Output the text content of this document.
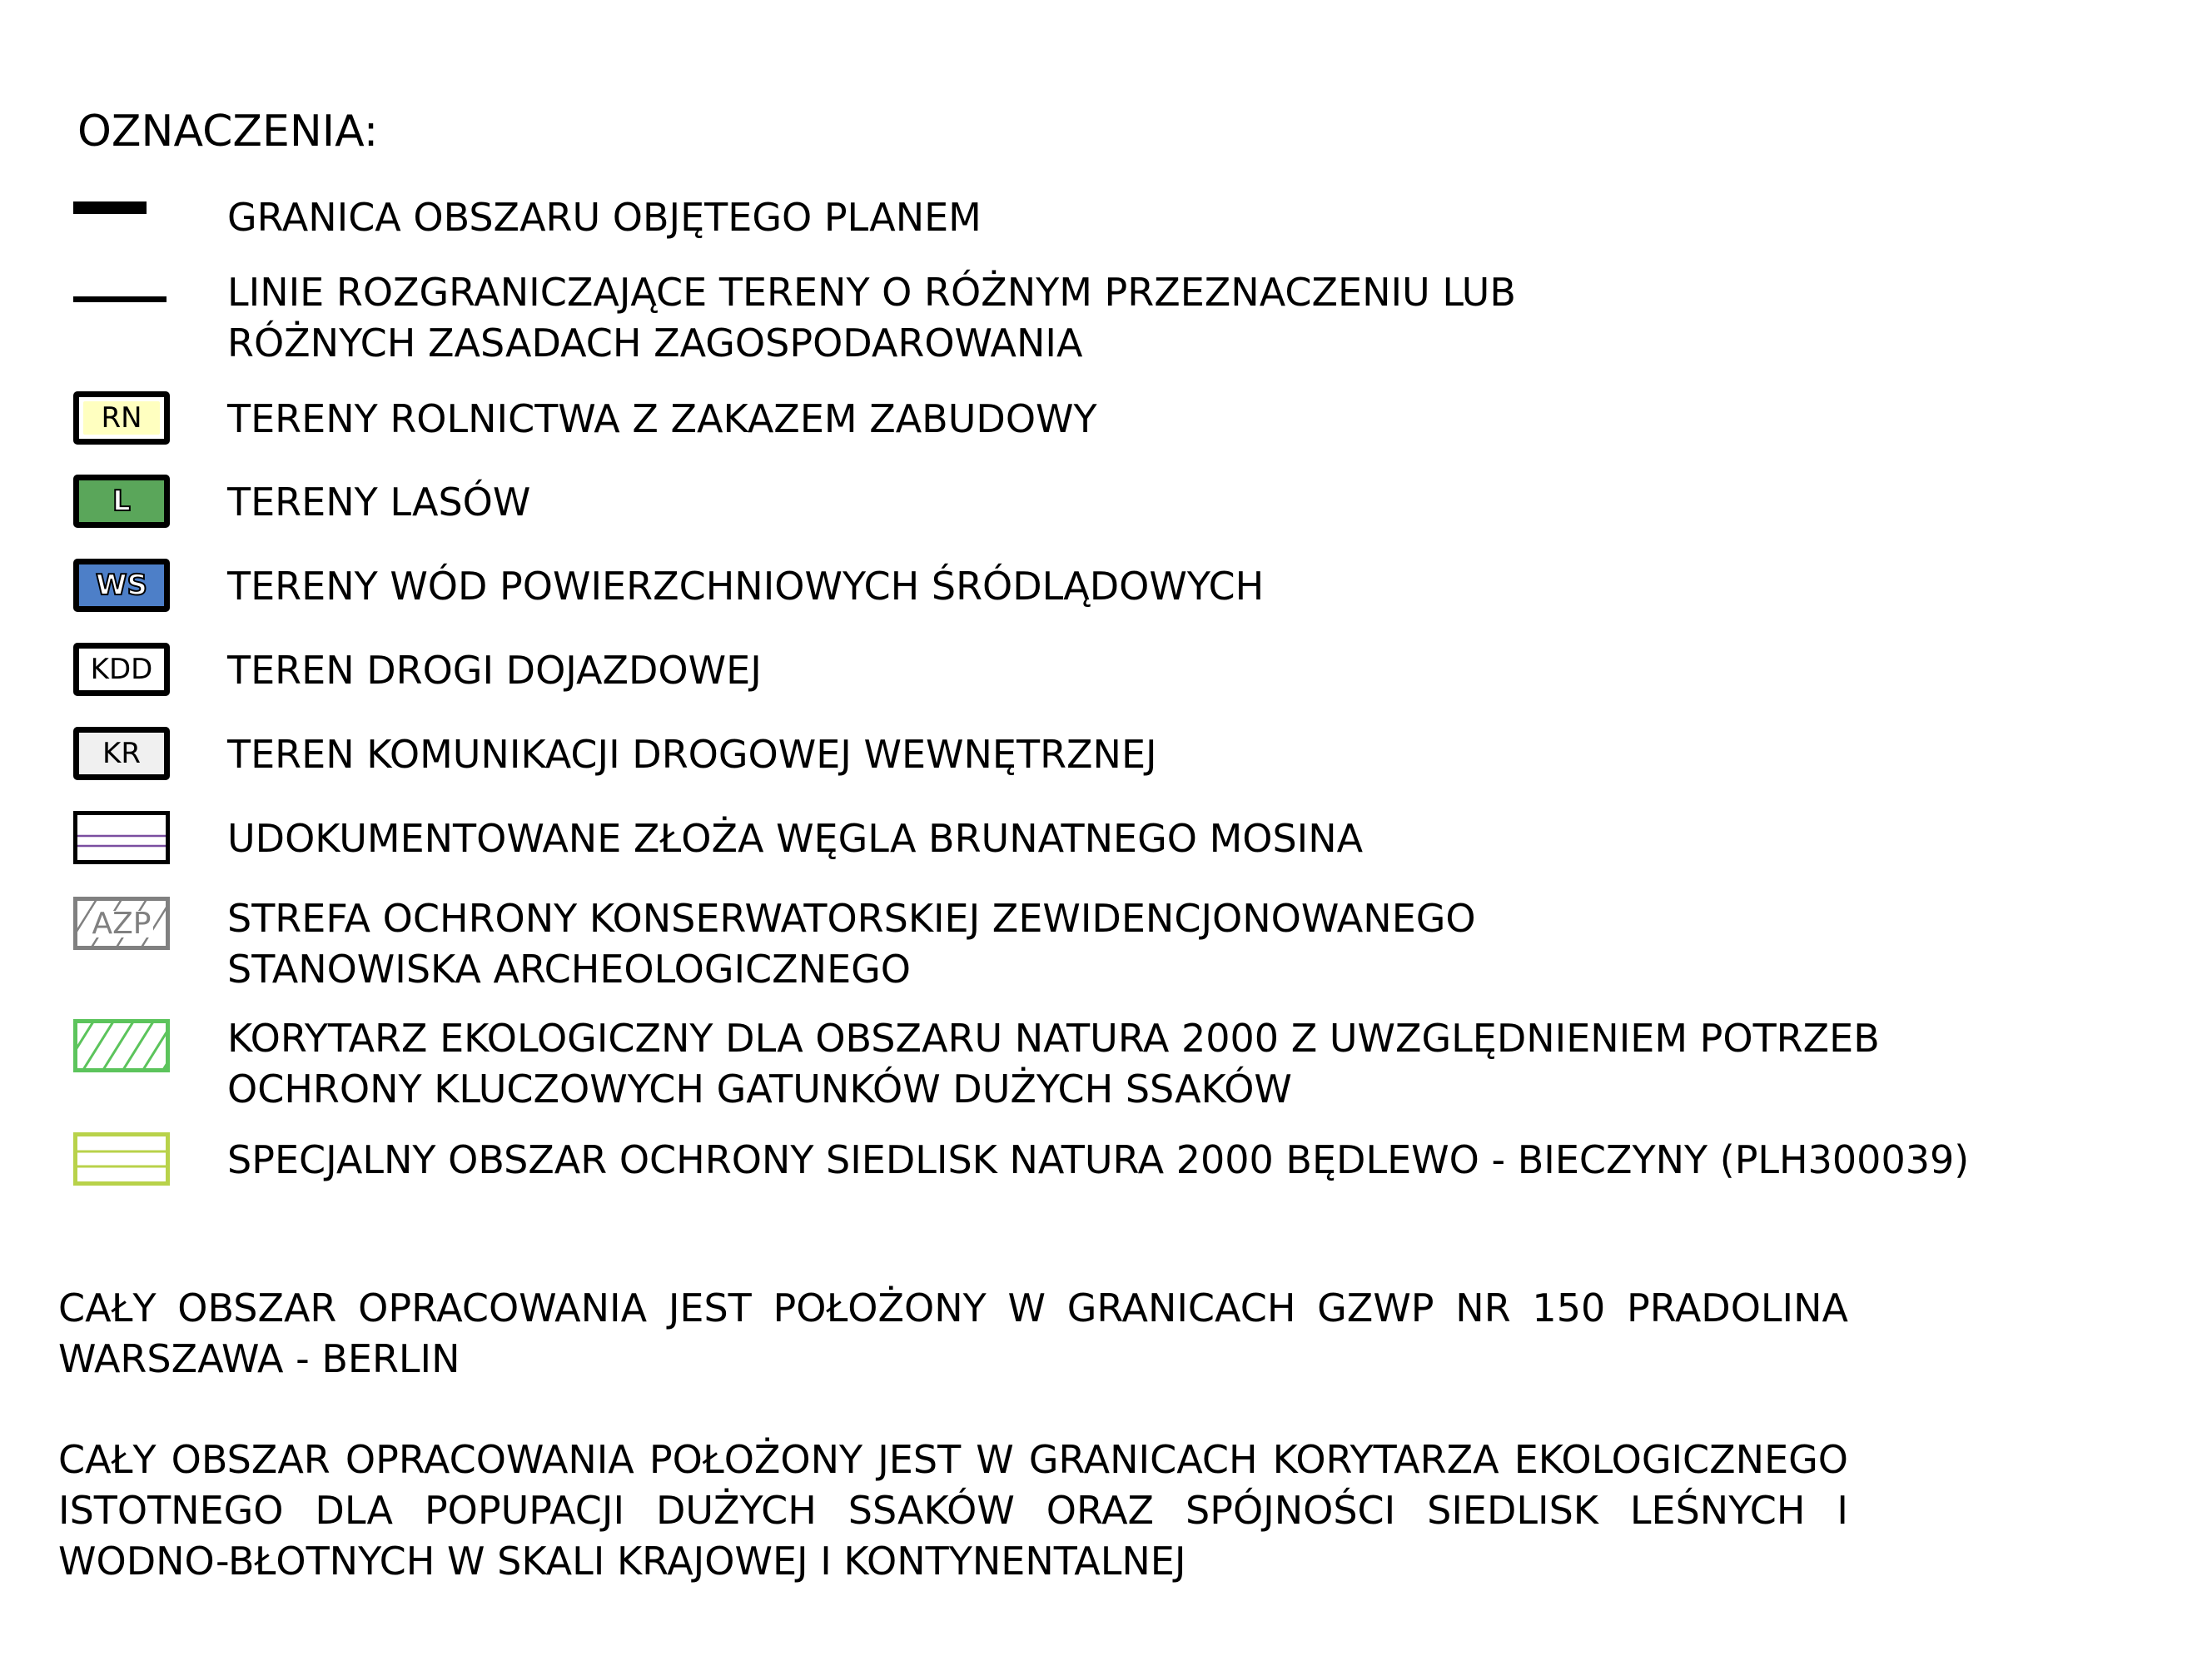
OZNACZENIA:
GRANICA OBSZARU OBJĘTEGO PLANEM
LINIE ROZGRANICZAJĄCE TERENY O RÓŻNYM PRZEZNACZENIU LUB
RÓŻNYCH ZASADACH ZAGOSPODAROWANIA
RN	TERENY ROLNICTWA Z ZAKAZEM ZABUDOWY
L	TERENY LASÓW
WS	TERENY WÓD POWIERZCHNIOWYCH ŚRÓDLĄDOWYCH
KDD TEREN DROGI DOJAZDOWEJ
KR	TEREN KOMUNIKACJI DROGOWEJ WEWNĘTRZNEJ
UDOKUMENTOWANE ZŁOŻA WĘGLA BRUNATNEGO MOSINA
AZP	STREFA OCHRONY KONSERWATORSKIEJ ZEWIDENCJONOWANEGO
STANOWISKA ARCHEOLOGICZNEGO
KORYTARZ EKOLOGICZNY DLA OBSZARU NATURA 2000 Z UWZGLĘDNIENIEM POTRZEB
OCHRONY KLUCZOWYCH GATUNKÓW DUŻYCH SSAKÓW
SPECJALNY OBSZAR OCHRONY SIEDLISK NATURA 2000 BĘDLEWO - BIECZYNY (PLH300039)
CAŁY OBSZAR OPRACOWANIA JEST POŁOŻONY W GRANICACH GZWP NR 150 PRADOLINA WARSZAWA - BERLIN
CAŁY OBSZAR OPRACOWANIA POŁOŻONY JEST W GRANICACH KORYTARZA EKOLOGICZNEGO ISTOTNEGO DLA POPUPACJI DUŻYCH SSAKÓW ORAZ SPÓJNOŚCI SIEDLISK LEŚNYCH I WODNO-BŁOTNYCH W SKALI KRAJOWEJ I KONTYNENTALNEJ
